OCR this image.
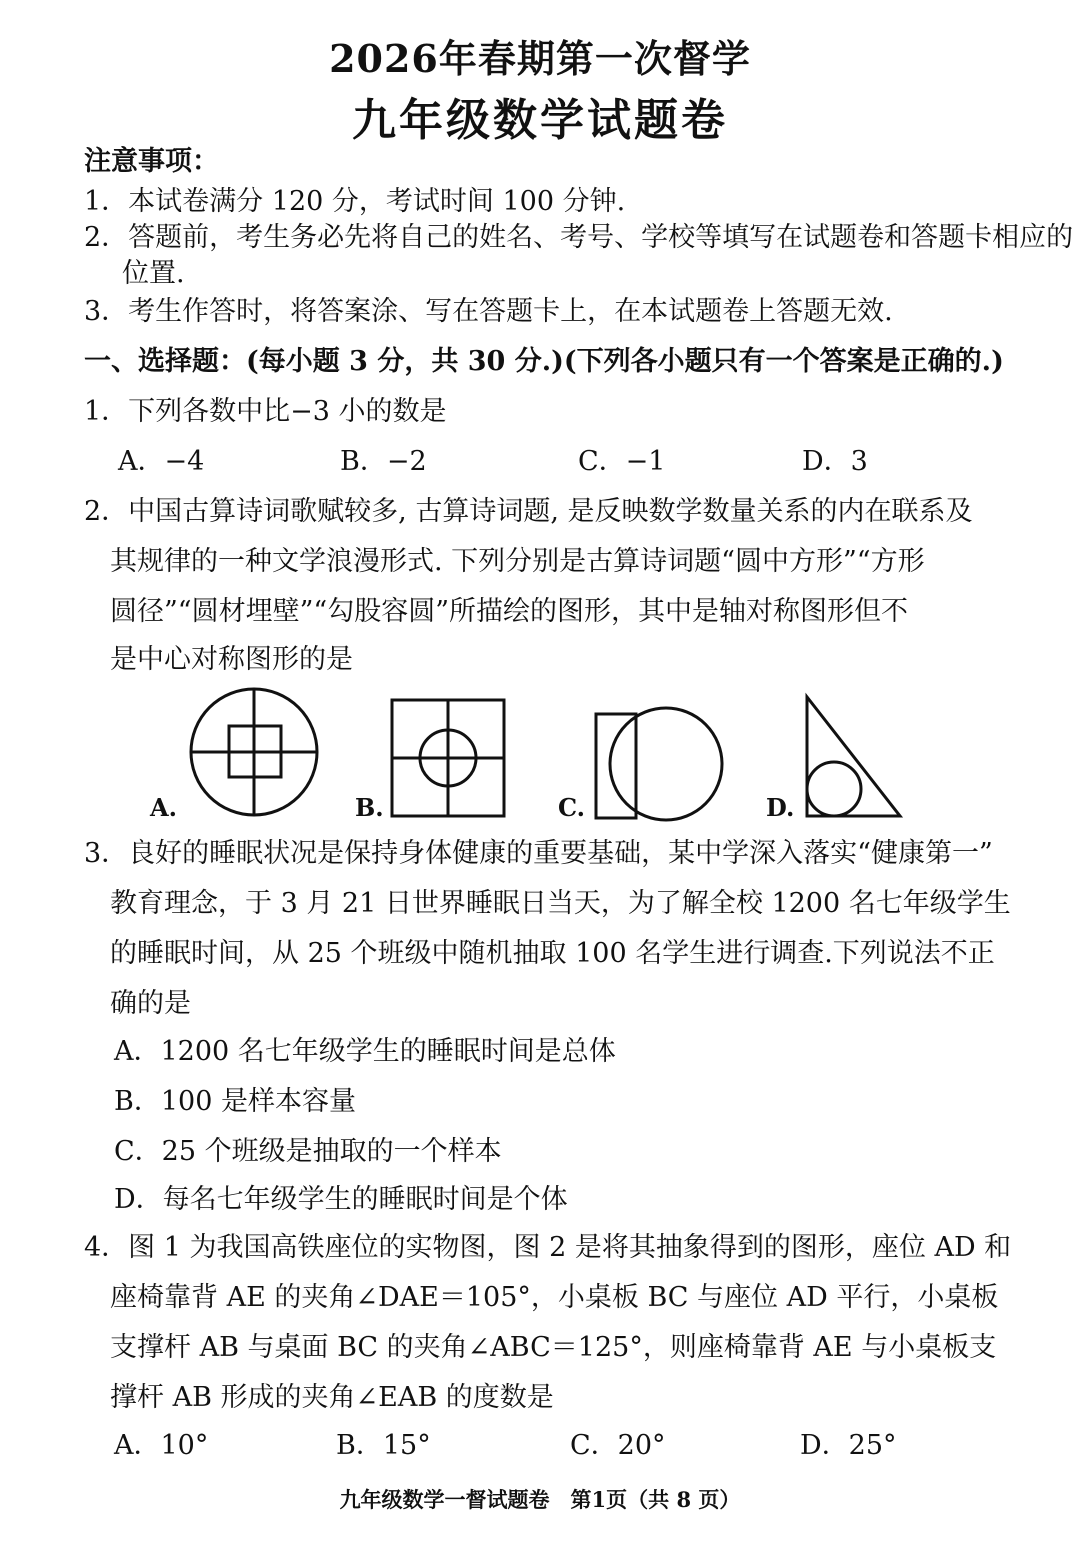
2026年春期第一次督学
九年级数学试题卷
注意事项：
1．本试卷满分 120 分，考试时间 100 分钟.
2．答题前，考生务必先将自己的姓名、考号、学校等填写在试题卷和答题卡相应的
位置.
3．考生作答时，将答案涂、写在答题卡上，在本试题卷上答题无效.
一、选择题：(每小题 3 分，共 30 分.)(下列各小题只有一个答案是正确的.)
1．下列各数中比−3 小的数是
A．−4	B．−2	C．−1	D．3
2．中国古算诗词歌赋较多, 古算诗词题, 是反映数学数量关系的内在联系及
其规律的一种文学浪漫形式. 下列分别是古算诗词题“圆中方形”“方形
圆径”“圆材埋壁”“勾股容圆”所描绘的图形，其中是轴对称图形但不
是中心对称图形的是
A.	B.	C.	D.
3．良好的睡眠状况是保持身体健康的重要基础，某中学深入落实“健康第一”
教育理念，于 3 月 21 日世界睡眠日当天，为了解全校 1200 名七年级学生
的睡眠时间，从 25 个班级中随机抽取 100 名学生进行调查.下列说法不正
确的是
A．1200 名七年级学生的睡眠时间是总体
B．100 是样本容量
C．25 个班级是抽取的一个样本
D．每名七年级学生的睡眠时间是个体
4．图 1 为我国高铁座位的实物图，图 2 是将其抽象得到的图形，座位 AD 和
座椅靠背 AE 的夹角∠DAE＝105°，小桌板 BC 与座位 AD 平行，小桌板
支撑杆 AB 与桌面 BC 的夹角∠ABC＝125°，则座椅靠背 AE 与小桌板支
撑杆 AB 形成的夹角∠EAB 的度数是
A．10°	B．15°	C．20°	D．25°
九年级数学一督试题卷　第1页（共 8 页）
